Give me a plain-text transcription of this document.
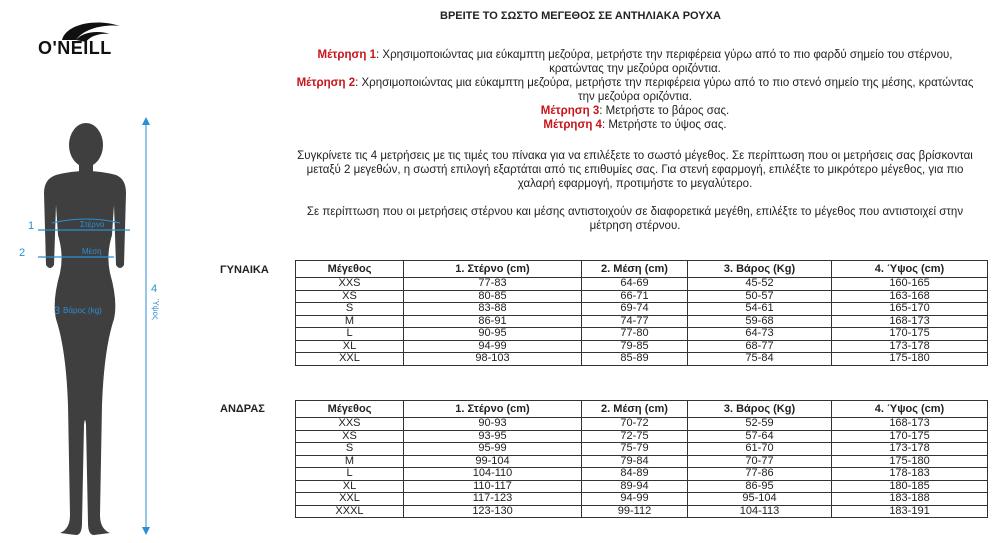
O'NEILL
1
2
3
4
Στέρνο
Μέση
Βάρος (kg)	Ύψος
ΒΡΕΙΤΕ ΤΟ ΣΩΣΤΟ ΜΕΓΕΘΟΣ ΣΕ ΑΝΤΗΛΙΑΚΑ ΡΟΥΧΑ
Μέτρηση 1: Χρησιμοποιώντας μια εύκαμπτη μεζούρα, μετρήστε την περιφέρεια γύρω από το πιο φαρδύ σημείο του στέρνου, κρατώντας την μεζούρα οριζόντια.
Μέτρηση 2: Χρησιμοποιώντας μια εύκαμπτη μεζούρα, μετρήστε την περιφέρεια γύρω από το πιο στενό σημείο της μέσης, κρατώντας την μεζούρα οριζόντια.
Μέτρηση 3: Μετρήστε το βάρος σας.
Μέτρηση 4: Μετρήστε το ύψος σας.
Συγκρίνετε τις 4 μετρήσεις με τις τιμές του πίνακα για να επιλέξετε το σωστό μέγεθος. Σε περίπτωση που οι μετρήσεις σας βρίσκονται μεταξύ 2 μεγεθών, η σωστή επιλογή εξαρτάται από τις επιθυμίες σας. Για στενή εφαρμογή, επιλέξτε το μικρότερο μέγεθος, για πιο χαλαρή εφαρμογή, προτιμήστε το μεγαλύτερο.
Σε περίπτωση που οι μετρήσεις στέρνου και μέσης αντιστοιχούν σε διαφορετικά μεγέθη, επιλέξτε το μέγεθος που αντιστοιχεί στην μέτρηση στέρνου.
ΓΥΝΑΙΚΑ	Μέγεθος	1. Στέρνο (cm)	2. Μέση (cm)	3. Βάρος (Kg)	4. Ύψος (cm)
XXS	77-83	64-69	45-52	160-165
XS	80-85	66-71	50-57	163-168
S	83-88	69-74	54-61	165-170
M	86-91	74-77	59-68	168-173
L	90-95	77-80	64-73	170-175
XL	94-99	79-85	68-77	173-178
XXL	98-103	85-89	75-84	175-180
ΑΝΔΡΑΣ	Μέγεθος	1. Στέρνο (cm)	2. Μέση (cm)	3. Βάρος (Kg)	4. Ύψος (cm)
XXS	90-93	70-72	52-59	168-173
XS	93-95	72-75	57-64	170-175
S	95-99	75-79	61-70	173-178
M	99-104	79-84	70-77	175-180
L	104-110	84-89	77-86	178-183
XL	110-117	89-94	86-95	180-185
XXL	117-123	94-99	95-104	183-188
XXXL	123-130	99-112	104-113	183-191
